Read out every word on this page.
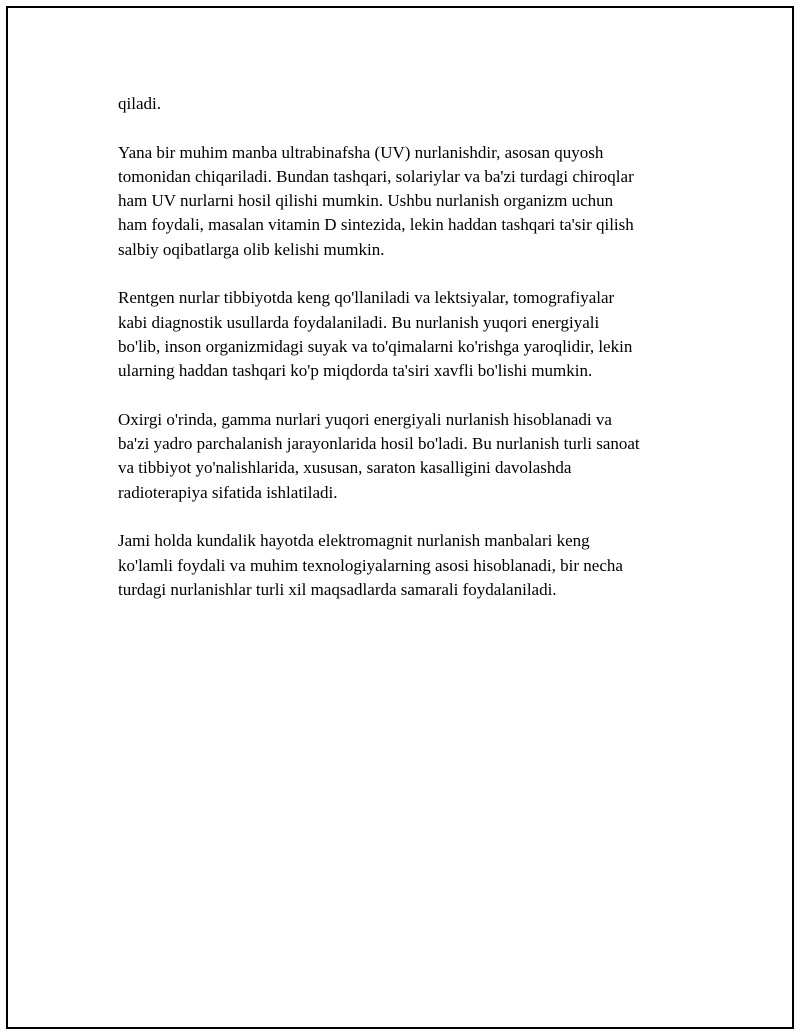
qiladi.

Yana bir muhim manba ultrabinafsha (UV) nurlanishdir, asosan quyosh
tomonidan chiqariladi. Bundan tashqari, solariylar va ba'zi turdagi chiroqlar
ham UV nurlarni hosil qilishi mumkin. Ushbu nurlanish organizm uchun
ham foydali, masalan vitamin D sintezida, lekin haddan tashqari ta'sir qilish
salbiy oqibatlarga olib kelishi mumkin.

Rentgen nurlar tibbiyotda keng qo'llaniladi va lektsiyalar, tomografiyalar
kabi diagnostik usullarda foydalaniladi. Bu nurlanish yuqori energiyali
bo'lib, inson organizmidagi suyak va to'qimalarni ko'rishga yaroqlidir, lekin
ularning haddan tashqari ko'p miqdorda ta'siri xavfli bo'lishi mumkin.

Oxirgi o'rinda, gamma nurlari yuqori energiyali nurlanish hisoblanadi va
ba'zi yadro parchalanish jarayonlarida hosil bo'ladi. Bu nurlanish turli sanoat
va tibbiyot yo'nalishlarida, xususan, saraton kasalligini davolashda
radioterapiya sifatida ishlatiladi.

Jami holda kundalik hayotda elektromagnit nurlanish manbalari keng
ko'lamli foydali va muhim texnologiyalarning asosi hisoblanadi, bir necha
turdagi nurlanishlar turli xil maqsadlarda samarali foydalaniladi.
